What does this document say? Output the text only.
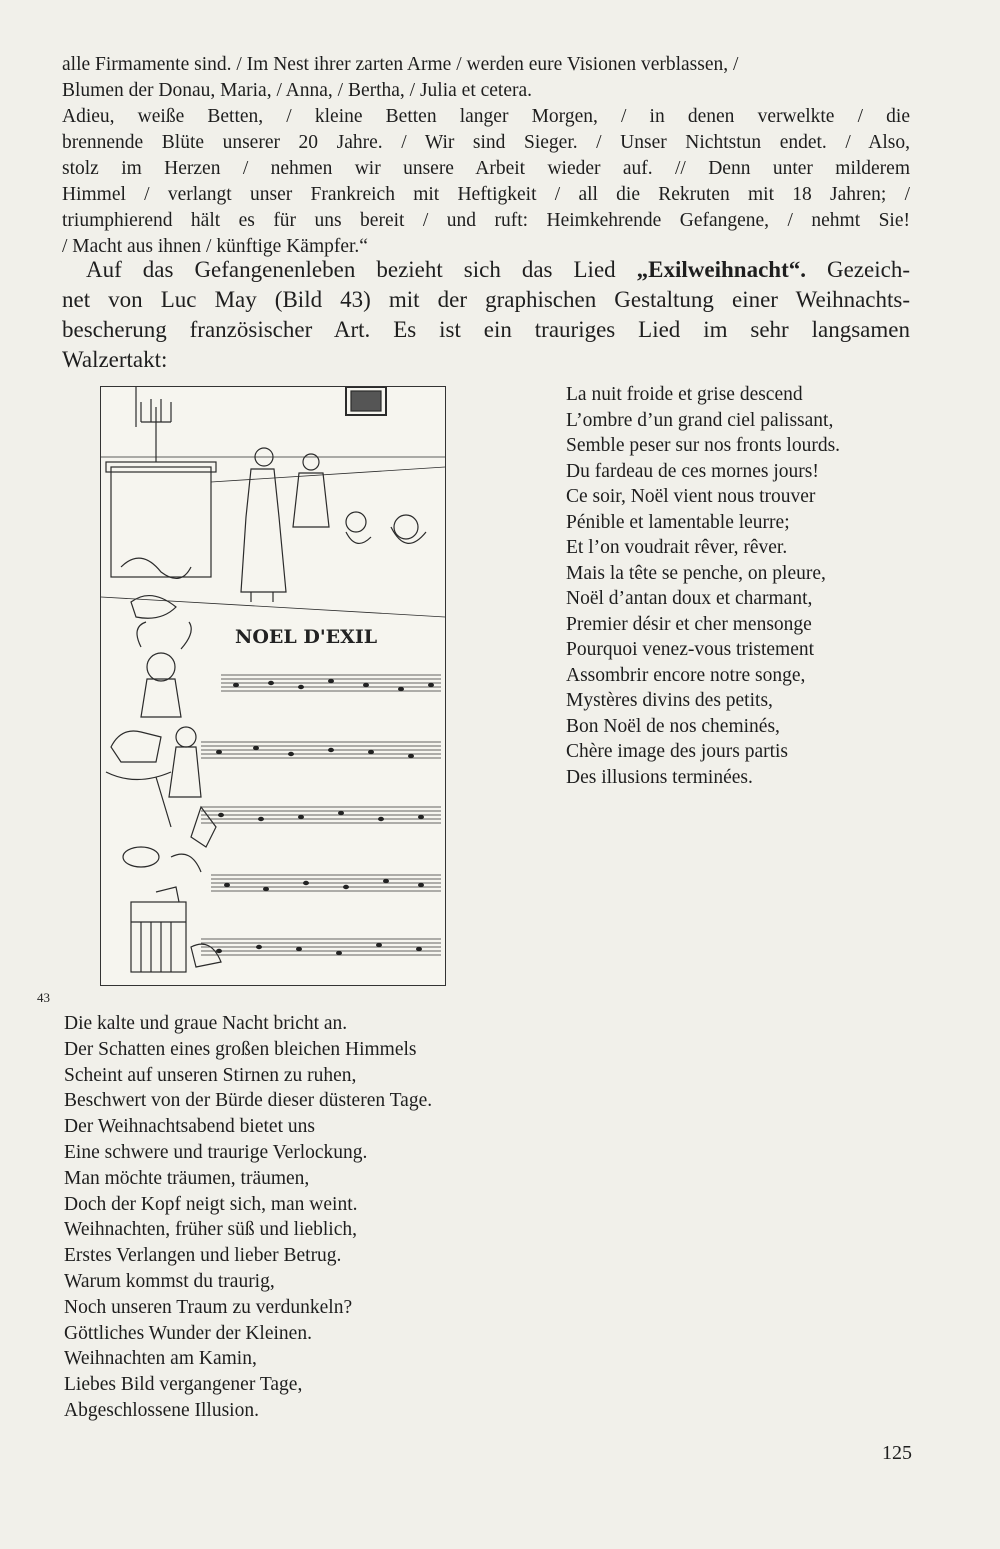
alle Firmamente sind. / Im Nest ihrer zarten Arme / werden eure Visionen verblassen, /
Blumen der Donau, Maria, / Anna, / Bertha, / Julia et cetera.
Adieu, weiße Betten, / kleine Betten langer Morgen, / in denen verwelkte / die
brennende Blüte unserer 20 Jahre. / Wir sind Sieger. / Unser Nichtstun endet. / Also,
stolz im Herzen / nehmen wir unsere Arbeit wieder auf. // Denn unter milderem
Himmel / verlangt unser Frankreich mit Heftigkeit / all die Rekruten mit 18 Jahren; /
triumphierend hält es für uns bereit / und ruft: Heimkehrende Gefangene, / nehmt Sie!
/ Macht aus ihnen / künftige Kämpfer.“
Auf das Gefangenenleben bezieht sich das Lied „Exilweihnacht“. Gezeich-
net von Luc May (Bild 43) mit der graphischen Gestaltung einer Weihnachts-
bescherung französischer Art. Es ist ein trauriges Lied im sehr langsamen
Walzertakt:
NOEL D'EXIL
43
La nuit froide et grise descend
L’ombre d’un grand ciel palissant,
Semble peser sur nos fronts lourds.
Du fardeau de ces mornes jours!
Ce soir, Noël vient nous trouver
Pénible et lamentable leurre;
Et l’on voudrait rêver, rêver.
Mais la tête se penche, on pleure,
Noël d’antan doux et charmant,
Premier désir et cher mensonge
Pourquoi venez-vous tristement
Assombrir encore notre songe,
Mystères divins des petits,
Bon Noël de nos cheminés,
Chère image des jours partis
Des illusions terminées.
Die kalte und graue Nacht bricht an.
Der Schatten eines großen bleichen Himmels
Scheint auf unseren Stirnen zu ruhen,
Beschwert von der Bürde dieser düsteren Tage.
Der Weihnachtsabend bietet uns
Eine schwere und traurige Verlockung.
Man möchte träumen, träumen,
Doch der Kopf neigt sich, man weint.
Weihnachten, früher süß und lieblich,
Erstes Verlangen und lieber Betrug.
Warum kommst du traurig,
Noch unseren Traum zu verdunkeln?
Göttliches Wunder der Kleinen.
Weihnachten am Kamin,
Liebes Bild vergangener Tage,
Abgeschlossene Illusion.
125
